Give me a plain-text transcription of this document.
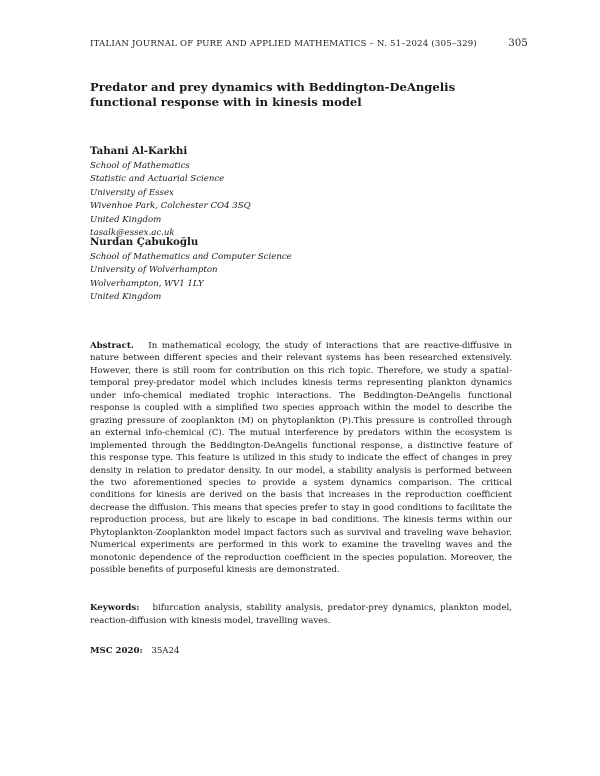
ITALIAN JOURNAL OF PURE AND APPLIED MATHEMATICS – N. 51–2024 (305–329)	305
Predator and prey dynamics with Beddington-DeAngelis
functional response with in kinesis model
Tahani Al-Karkhi
School of Mathematics
Statistic and Actuarial Science
University of Essex
Wivenhoe Park, Colchester CO4 3SQ
United Kingdom
tasalk@essex.ac.uk
Nurdan Çabukoğlu
School of Mathematics and Computer Science
University of Wolverhampton
Wolverhampton, WV1 1LY
United Kingdom
Abstract.   In mathematical ecology, the study of interactions that are reactive-diffusive in nature between different species and their relevant systems has been researched extensively. However, there is still room for contribution on this rich topic. Therefore, we study a spatial-temporal prey-predator model which includes kinesis terms representing plankton dynamics under info-chemical mediated trophic interactions. The Beddington-DeAngelis functional response is coupled with a simplified two species approach within the model to describe the grazing pressure of zooplankton (M) on phytoplankton (P).This pressure is controlled through an external info-chemical (C). The mutual interference by predators within the ecosystem is implemented through the Beddington-DeAngelis functional response, a distinctive feature of this response type. This feature is utilized in this study to indicate the effect of changes in prey density in relation to predator density. In our model, a stability analysis is performed between the two aforementioned species to provide a system dynamics comparison. The critical conditions for kinesis are derived on the basis that increases in the reproduction coefficient decrease the diffusion. This means that species prefer to stay in good conditions to facilitate the reproduction process, but are likely to escape in bad conditions. The kinesis terms within our Phytoplankton-Zooplankton model impact factors such as survival and traveling wave behavior. Numerical experiments are performed in this work to examine the traveling waves and the monotonic dependence of the reproduction coefficient in the species population. Moreover, the possible benefits of purposeful kinesis are demonstrated.
Keywords:   bifurcation analysis, stability analysis, predator-prey dynamics, plankton model, reaction-diffusion with kinesis model, travelling waves.
MSC 2020:   35A24
